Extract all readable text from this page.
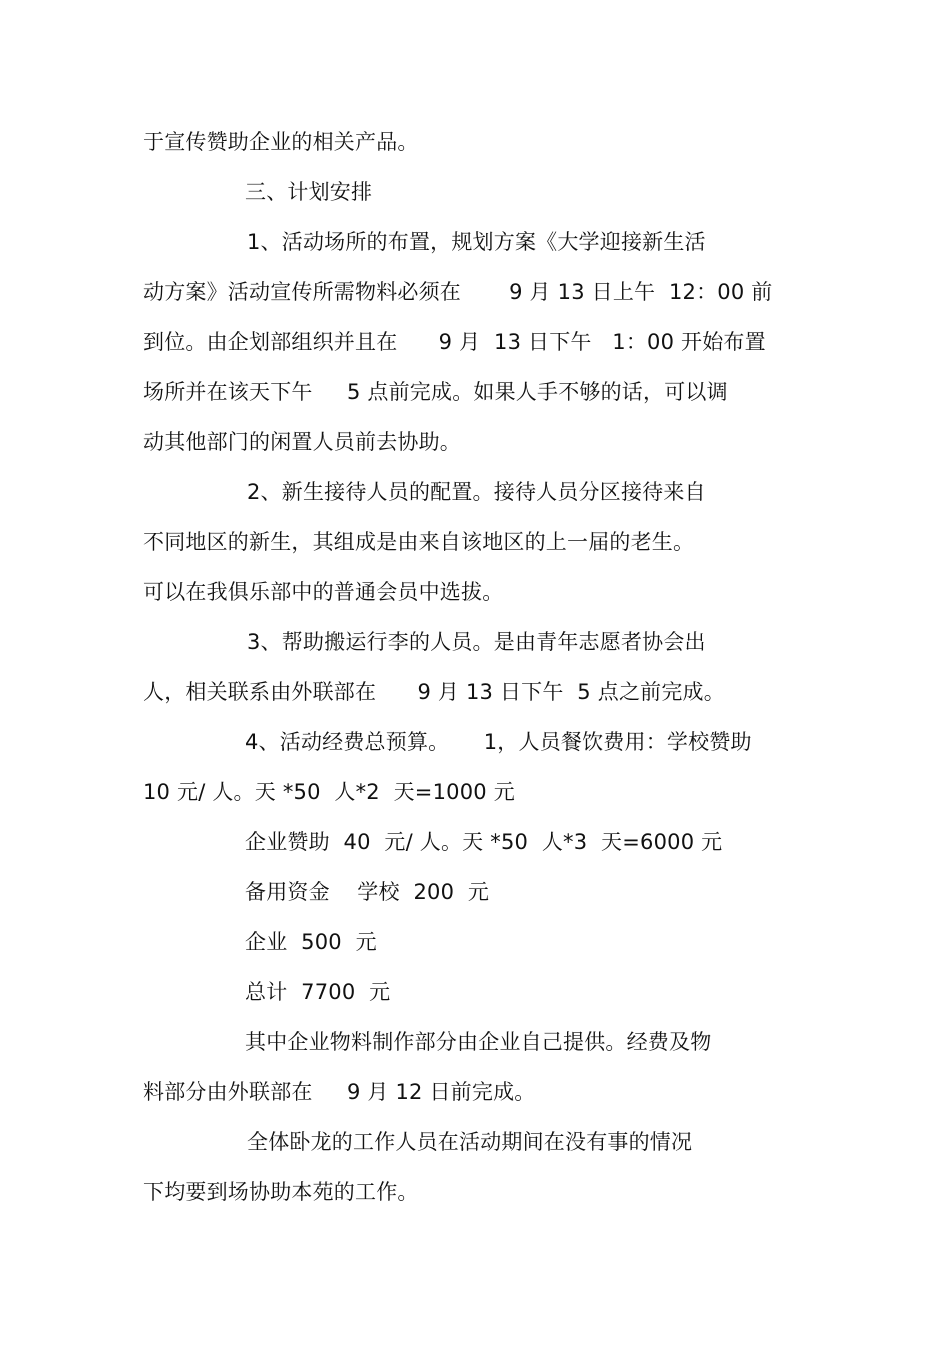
于宣传赞助企业的相关产品。
三、计划安排
1、活动场所的布置，规划方案《大学迎接新生活
动方案》活动宣传所需物料必须在       9 月 13 日上午  12：00 前
到位。由企划部组织并且在      9 月  13 日下午   1：00 开始布置
场所并在该天下午     5 点前完成。如果人手不够的话，可以调
动其他部门的闲置人员前去协助。
2、新生接待人员的配置。接待人员分区接待来自
不同地区的新生，其组成是由来自该地区的上一届的老生。
可以在我俱乐部中的普通会员中选拔。
3、帮助搬运行李的人员。是由青年志愿者协会出
人，相关联系由外联部在      9 月 13 日下午  5 点之前完成。
4、活动经费总预算。     1，人员餐饮费用：学校赞助
10 元/ 人。天 *50  人*2  天=1000 元
企业赞助  40  元/ 人。天 *50  人*3  天=6000 元
备用资金    学校  200  元
企业  500  元
总计  7700  元
其中企业物料制作部分由企业自己提供。经费及物
料部分由外联部在     9 月 12 日前完成。
全体卧龙的工作人员在活动期间在没有事的情况
下均要到场协助本苑的工作。
